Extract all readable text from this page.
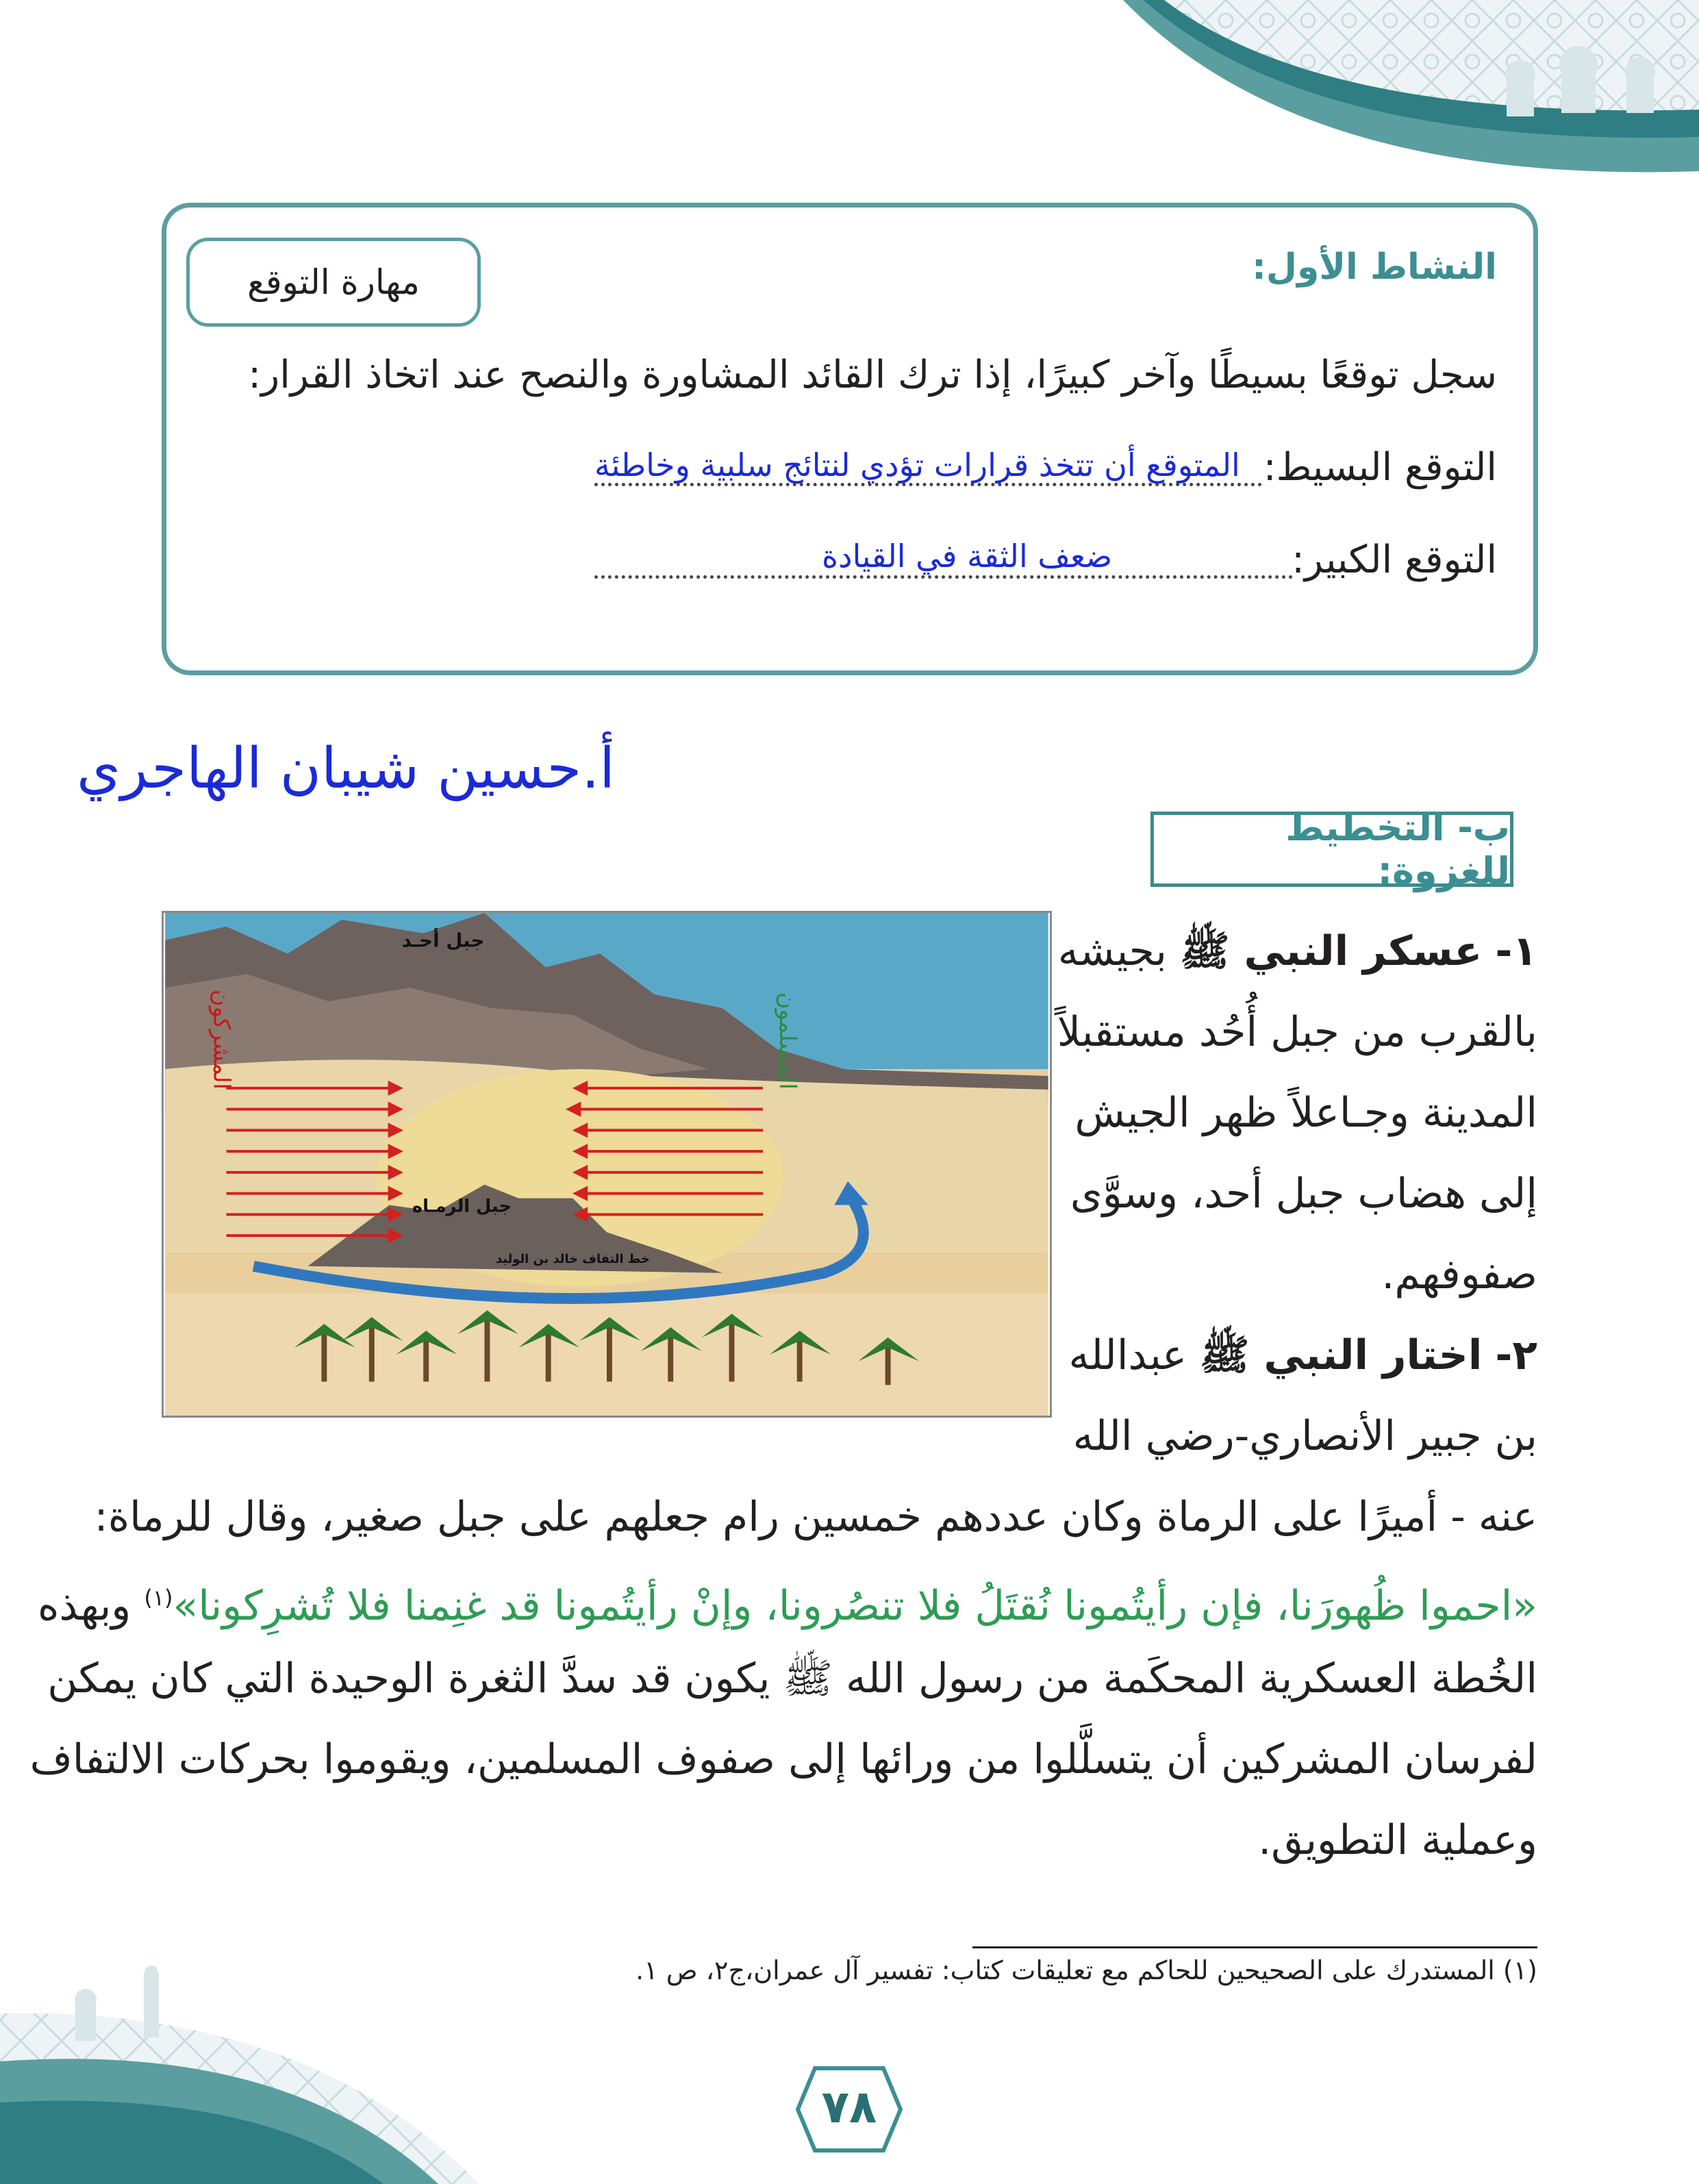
مهارة التوقع	النشاط الأول:
سجل توقعًا بسيطًا وآخر كبيرًا، إذا ترك القائد المشاورة والنصح عند اتخاذ القرار:
التوقع البسيط:
المتوقع أن تتخذ قرارات تؤدي لنتائج سلبية وخاطئة
التوقع الكبير:
ضعف الثقة في القيادة
أ.حسين شيبان الهاجري
ب- التخطيط للغزوة:
جبل أحـد
جبل الرمـاه
خط التفاف خالد بن الوليد
المشركون	المسلمون
١- عسكر النبي ﷺ بجيشه
بالقرب من جبل أُحُد مستقبلاً
المدينة وجـاعلاً ظهر الجيش
إلى هضاب جبل أحد، وسوَّى
صفوفهم.
٢- اختار النبي ﷺ عبدالله
بن جبير الأنصاري-رضي الله
عنه - أميرًا على الرماة وكان عددهم خمسين رام جعلهم على جبل صغير، وقال للرماة:
«احموا ظُهورَنا، فإن رأيتُمونا نُقتَلُ فلا تنصُرونا، وإنْ رأيتُمونا قد غنِمنا فلا تُشرِكونا»$^{(١)}$ وبهذه
الخُطة العسكرية المحكَمة من رسول الله ﷺ يكون قد سدَّ الثغرة الوحيدة التي كان يمكن
لفرسان المشركين أن يتسلَّلوا من ورائها إلى صفوف المسلمين، ويقوموا بحركات الالتفاف
وعملية التطويق.
(١) المستدرك على الصحيحين للحاكم مع تعليقات كتاب: تفسير آل عمران،ج٢، ص ١.
٧٨
